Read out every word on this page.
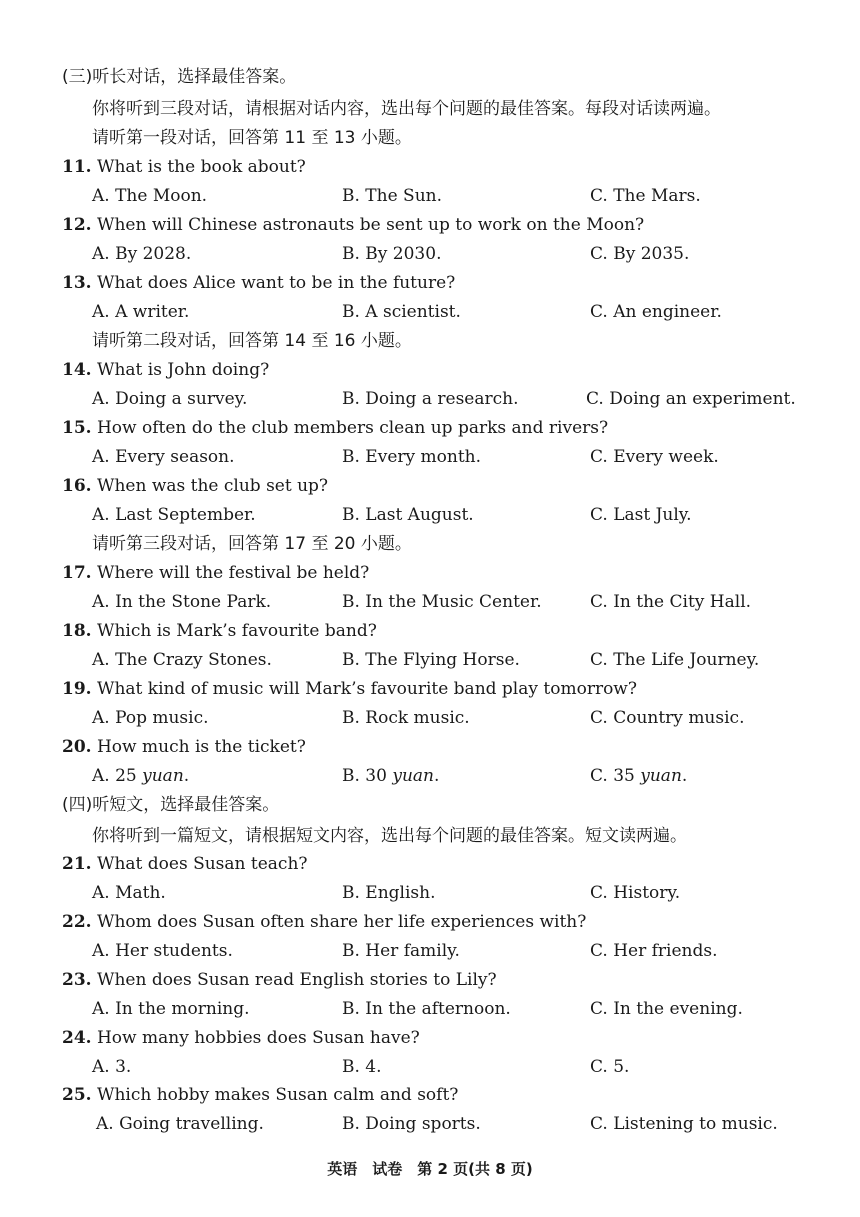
(三)听长对话，选择最佳答案。
你将听到三段对话，请根据对话内容，选出每个问题的最佳答案。每段对话读两遍。
请听第一段对话，回答第 11 至 13 小题。
11. What is the book about?
A. The Moon.	B. The Sun.	C. The Mars.
12. When will Chinese astronauts be sent up to work on the Moon?
A. By 2028.	B. By 2030.	C. By 2035.
13. What does Alice want to be in the future?
A. A writer.	B. A scientist.	C. An engineer.
请听第二段对话，回答第 14 至 16 小题。
14. What is John doing?
A. Doing a survey.	B. Doing a research.	C. Doing an experiment.
15. How often do the club members clean up parks and rivers?
A. Every season.	B. Every month.	C. Every week.
16. When was the club set up?
A. Last September.	B. Last August.	C. Last July.
请听第三段对话，回答第 17 至 20 小题。
17. Where will the festival be held?
A. In the Stone Park.	B. In the Music Center.	C. In the City Hall.
18. Which is Mark’s favourite band?
A. The Crazy Stones.	B. The Flying Horse.	C. The Life Journey.
19. What kind of music will Mark’s favourite band play tomorrow?
A. Pop music.	B. Rock music.	C. Country music.
20. How much is the ticket?
A. 25 yuan.	B. 30 yuan.	C. 35 yuan.
(四)听短文，选择最佳答案。
你将听到一篇短文，请根据短文内容，选出每个问题的最佳答案。短文读两遍。
21. What does Susan teach?
A. Math.	B. English.	C. History.
22. Whom does Susan often share her life experiences with?
A. Her students.	B. Her family.	C. Her friends.
23. When does Susan read English stories to Lily?
A. In the morning.	B. In the afternoon.	C. In the evening.
24. How many hobbies does Susan have?
A. 3.	B. 4.	C. 5.
25. Which hobby makes Susan calm and soft?
A. Going travelling.	B. Doing sports.	C. Listening to music.
英语　试卷　第 2 页(共 8 页)
